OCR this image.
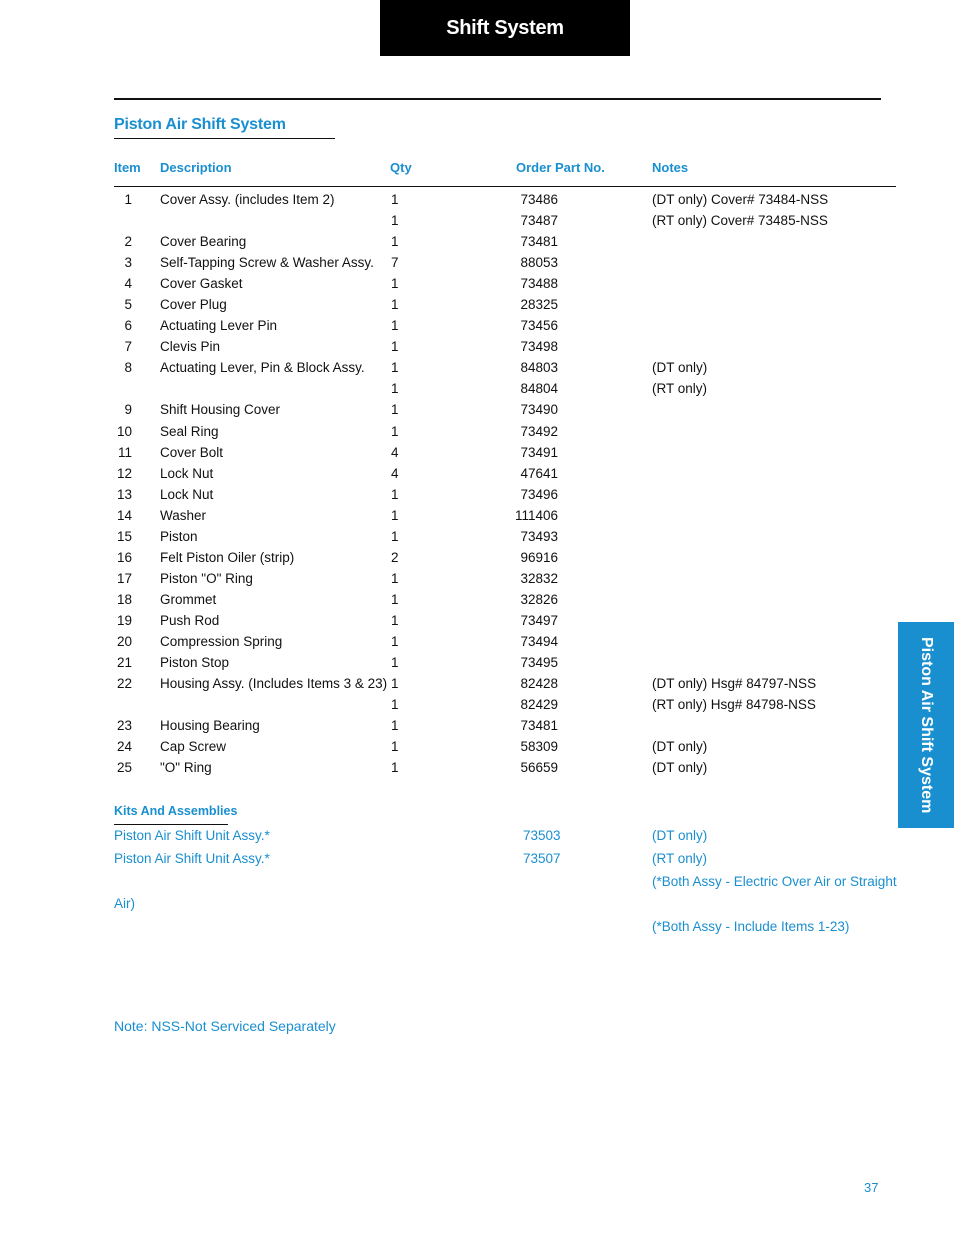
Shift System
Piston Air Shift System
Item Description	Qty	Order Part No.	Notes
1 Cover Assy. (includes Item 2)	1	73486	(DT only) Cover# 73484-NSS
1	73487	(RT only) Cover# 73485-NSS
2 Cover Bearing	1	73481
3 Self-Tapping Screw & Washer Assy. 7	88053
4 Cover Gasket	1	73488
5 Cover Plug	1	28325
6 Actuating Lever Pin	1	73456
7 Clevis Pin	1	73498
8 Actuating Lever, Pin & Block Assy. 1	84803	(DT only)
1	84804	(RT only)
9 Shift Housing Cover	1	73490
10 Seal Ring	1	73492
11 Cover Bolt	4	73491
12 Lock Nut	4	47641
13 Lock Nut	1	73496
14 Washer	1	111406
15 Piston	1	73493
16 Felt Piston Oiler (strip)	2	96916
17 Piston "O" Ring	1	32832
18 Grommet	1	32826
19 Push Rod	1	73497
20 Compression Spring	1	73494
21 Piston Stop	1	73495
22 Housing Assy. (Includes Items 3 & 23) 1	82428	(DT only) Hsg# 84797-NSS
1	82429	(RT only) Hsg# 84798-NSS
23 Housing Bearing	1	73481
24 Cap Screw	1	58309	(DT only)
25 "O" Ring	1	56659	(DT only)
Kits And Assemblies
Piston Air Shift Unit Assy.*	73503	(DT only)
Piston Air Shift Unit Assy.*	73507	(RT only)
(*Both Assy - Electric Over Air or Straight
Air)
(*Both Assy - Include Items 1-23)
Note: NSS-Not Serviced Separately
Piston Air Shift System
37
